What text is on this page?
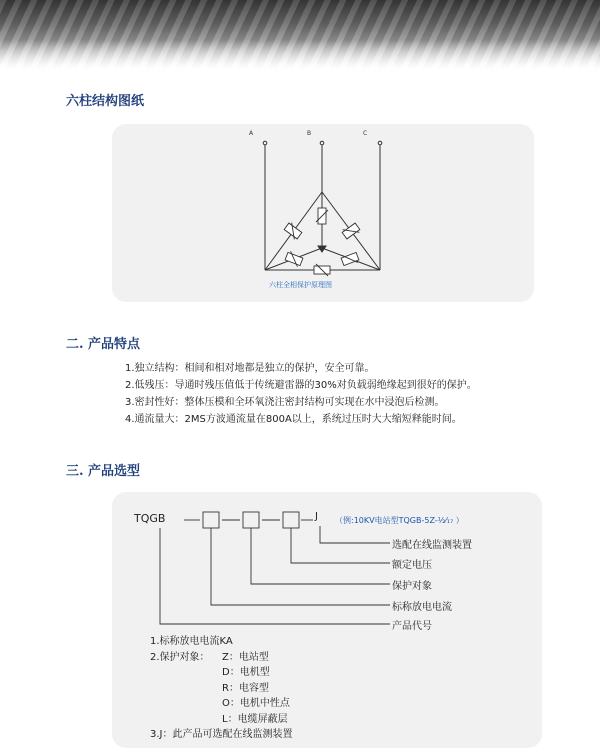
六柱结构图纸
A	B	C
六柱全相保护原理图
二. 产品特点
1.独立结构：相间和相对地都是独立的保护，安全可靠。
2.低残压：导通时残压值低于传统避雷器的30%对负载弱绝缘起到很好的保护。
3.密封性好：整体压模和全环氧浇注密封结构可实现在水中浸泡后检测。
4.通流量大：2MS方波通流量在800A以上，系统过压时大大缩短释能时间。
三. 产品选型
TQGB	J （例:10KV电站型TQGB-5Z-½⁄₁₇ ）
选配在线监测装置
额定电压
保护对象
标称放电电流
产品代号
1.标称放电电流KA
2.保护对象： Z：电站型
D：电机型
R：电容型
O：电机中性点
L：电缆屏蔽层
3.J：此产品可选配在线监测装置
